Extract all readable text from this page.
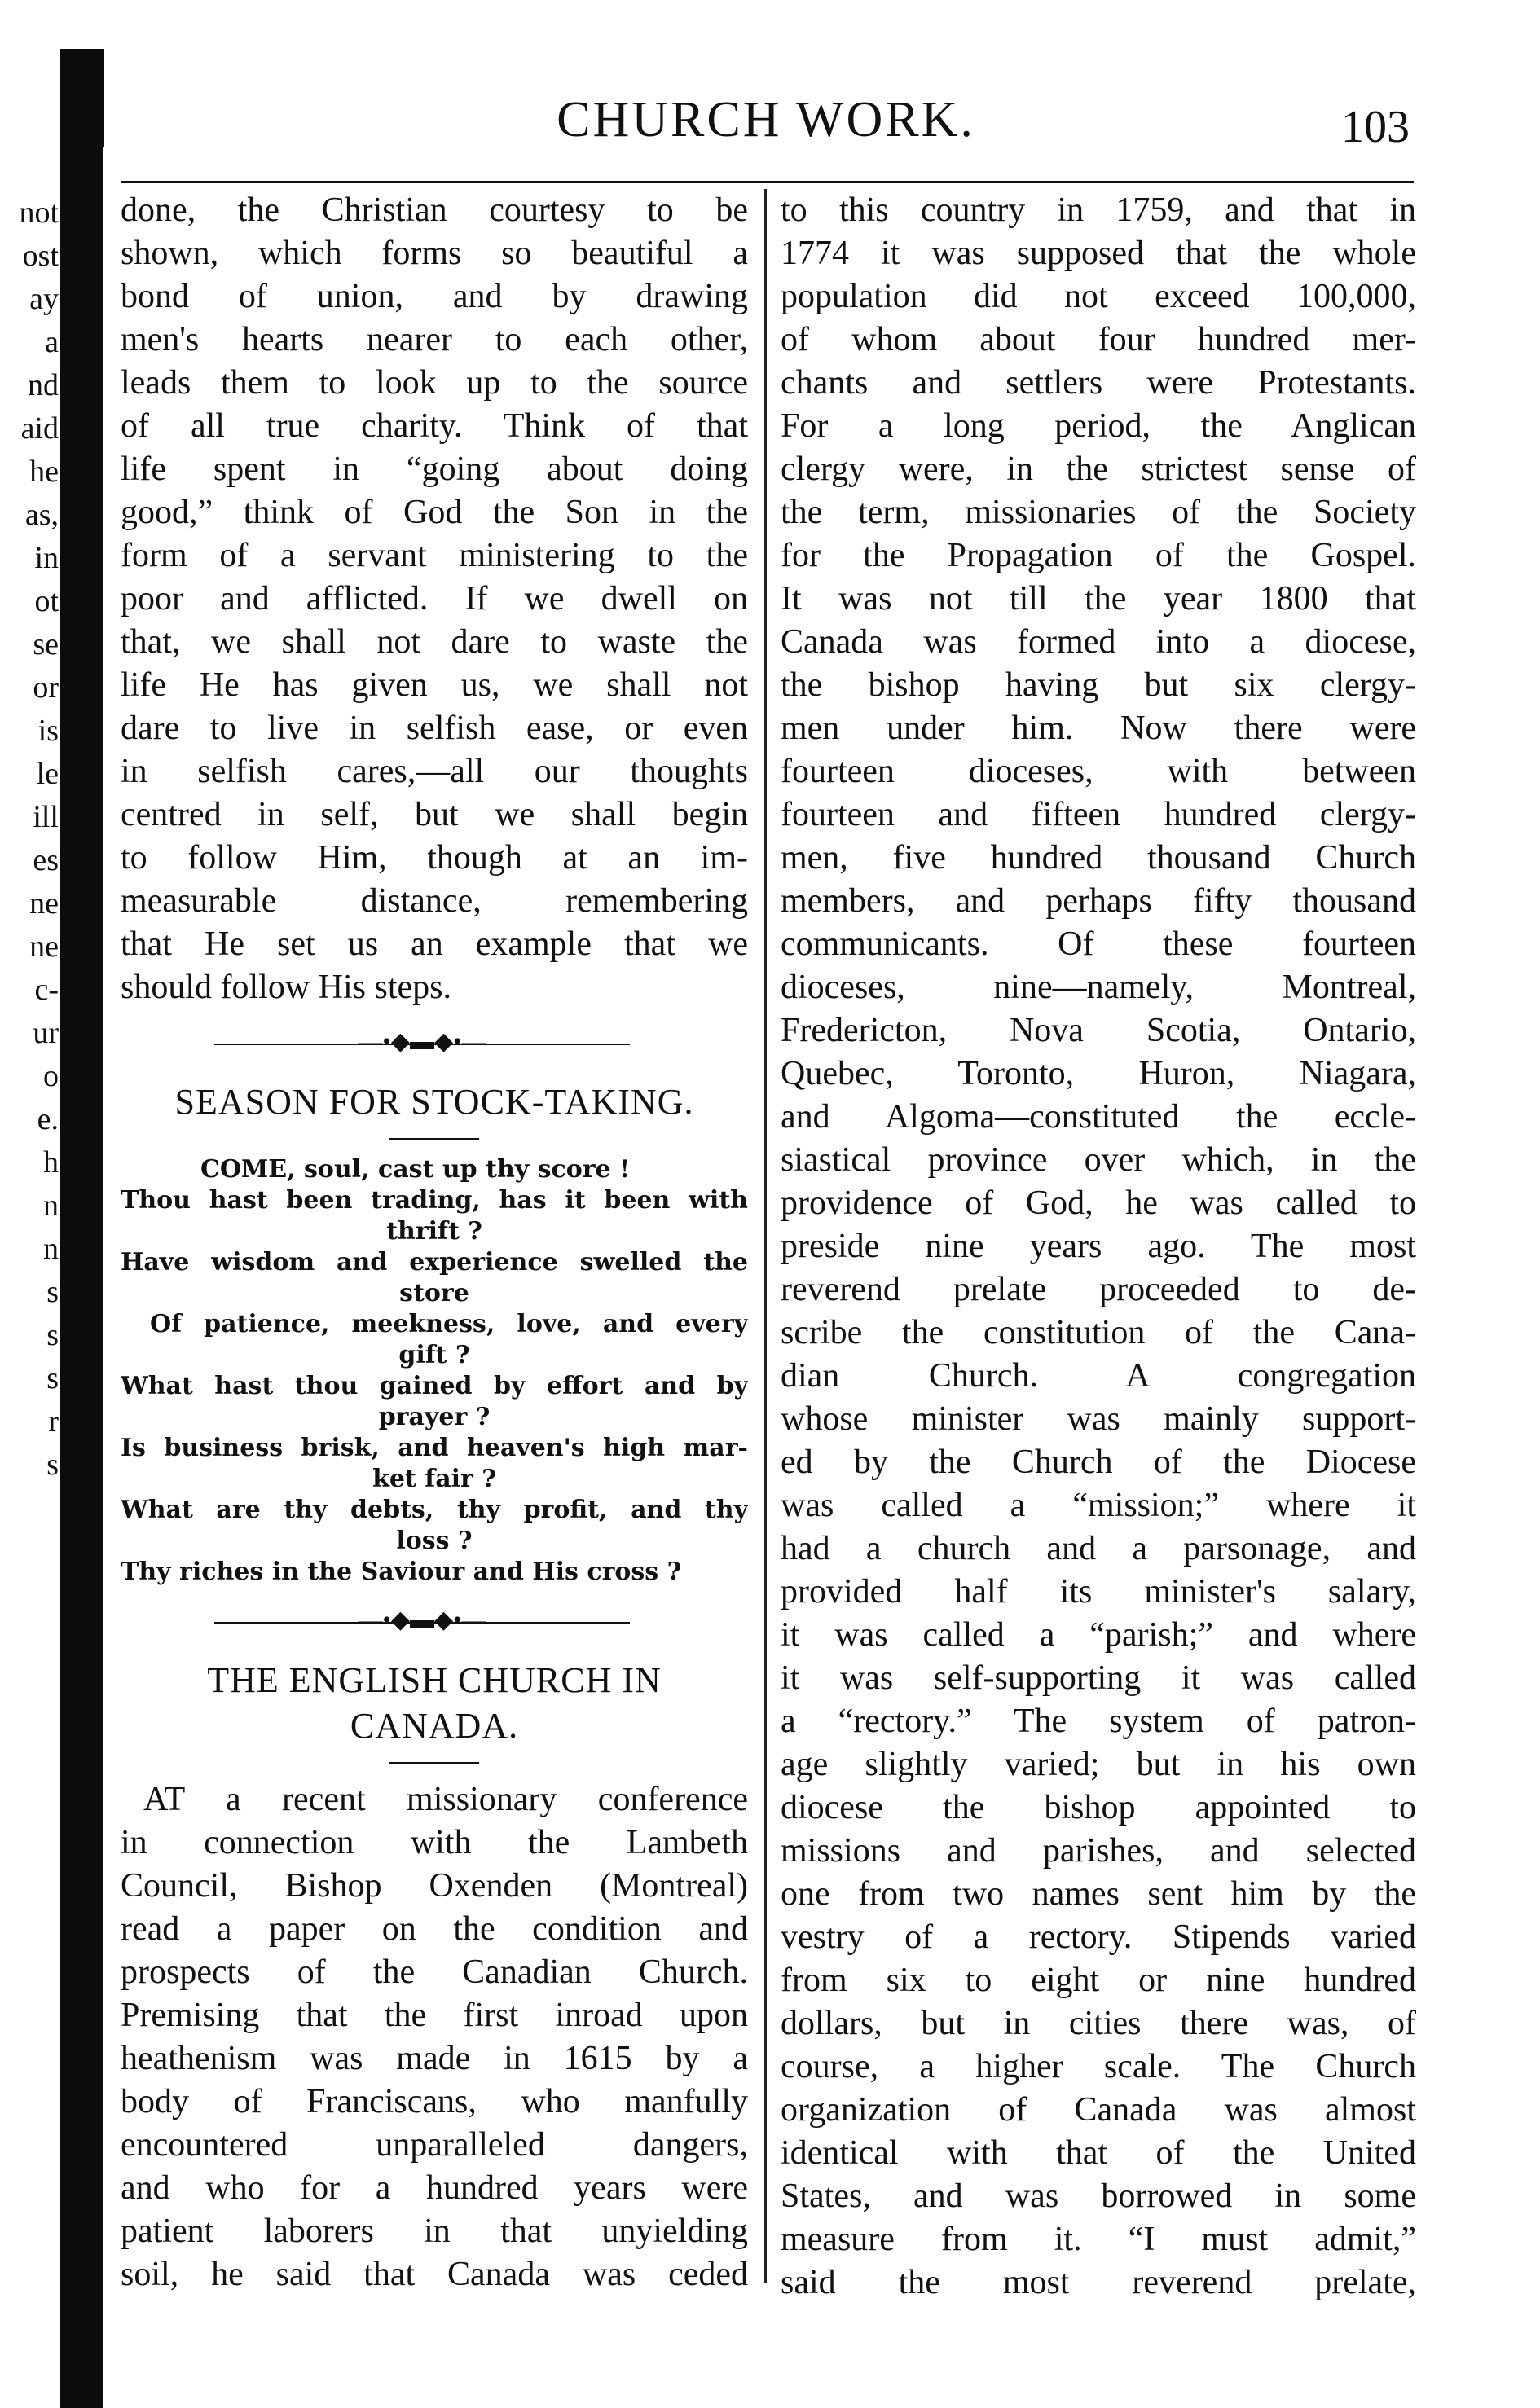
not
ost
ay
a
nd
aid
he
as,
in
ot
se
or
is
le
ill
es
ne
ne
c-
ur
o
e.
h
n
n
s
s
s
r
s
CHURCH WORK.	103
done, the Christian courtesy to be
shown, which forms so beautiful a
bond of union, and by drawing
men's hearts nearer to each other,
leads them to look up to the source
of all true charity. Think of that
life spent in “going about doing
good,” think of God the Son in the
form of a servant ministering to the
poor and afflicted. If we dwell on
that, we shall not dare to waste the
life He has given us, we shall not
dare to live in selfish ease, or even
in selfish cares,—all our thoughts
centred in self, but we shall begin
to follow Him, though at an im-
measurable distance, remembering
that He set us an example that we
should follow His steps.
—•◆▬◆•—
SEASON FOR STOCK-TAKING.
COME, soul, cast up thy score !
Thou hast been trading, has it been with
thrift ?
Have wisdom and experience swelled the
store
Of patience, meekness, love, and every
gift ?
What hast thou gained by effort and by
prayer ?
Is business brisk, and heaven's high mar-
ket fair ?
What are thy debts, thy profit, and thy
loss ?
Thy riches in the Saviour and His cross ?
—•◆▬◆•—
THE ENGLISH CHURCH IN
CANADA.
AT a recent missionary conference
in connection with the Lambeth
Council, Bishop Oxenden (Montreal)
read a paper on the condition and
prospects of the Canadian Church.
Premising that the first inroad upon
heathenism was made in 1615 by a
body of Franciscans, who manfully
encountered unparalleled dangers,
and who for a hundred years were
patient laborers in that unyielding
soil, he said that Canada was ceded
to this country in 1759, and that in
1774 it was supposed that the whole
population did not exceed 100,000,
of whom about four hundred mer-
chants and settlers were Protestants.
For a long period, the Anglican
clergy were, in the strictest sense of
the term, missionaries of the Society
for the Propagation of the Gospel.
It was not till the year 1800 that
Canada was formed into a diocese,
the bishop having but six clergy-
men under him. Now there were
fourteen dioceses, with between
fourteen and fifteen hundred clergy-
men, five hundred thousand Church
members, and perhaps fifty thousand
communicants. Of these fourteen
dioceses, nine—namely, Montreal,
Fredericton, Nova Scotia, Ontario,
Quebec, Toronto, Huron, Niagara,
and Algoma—constituted the eccle-
siastical province over which, in the
providence of God, he was called to
preside nine years ago. The most
reverend prelate proceeded to de-
scribe the constitution of the Cana-
dian Church. A congregation
whose minister was mainly support-
ed by the Church of the Diocese
was called a “mission;” where it
had a church and a parsonage, and
provided half its minister's salary,
it was called a “parish;” and where
it was self-supporting it was called
a “rectory.” The system of patron-
age slightly varied; but in his own
diocese the bishop appointed to
missions and parishes, and selected
one from two names sent him by the
vestry of a rectory. Stipends varied
from six to eight or nine hundred
dollars, but in cities there was, of
course, a higher scale. The Church
organization of Canada was almost
identical with that of the United
States, and was borrowed in some
measure from it. “I must admit,”
said the most reverend prelate,
